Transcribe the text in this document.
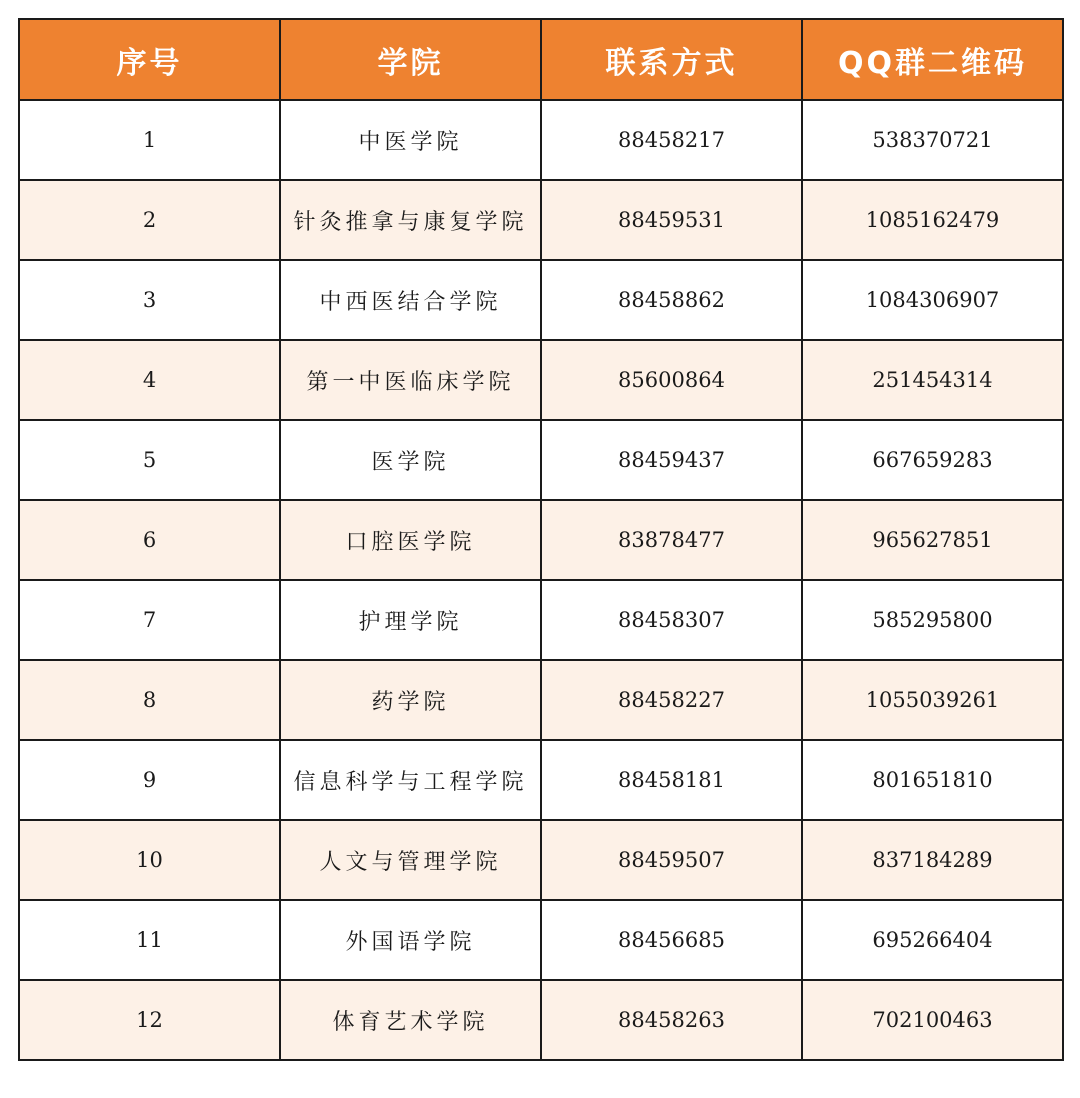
序号	学院	联系方式	QQ群二维码
1	中医学院	88458217	538370721
2	针灸推拿与康复学院	88459531	1085162479
3	中西医结合学院	88458862	1084306907
4	第一中医临床学院	85600864	251454314
5	医学院	88459437	667659283
6	口腔医学院	83878477	965627851
7	护理学院	88458307	585295800
8	药学院	88458227	1055039261
9	信息科学与工程学院	88458181	801651810
10	人文与管理学院	88459507	837184289
11	外国语学院	88456685	695266404
12	体育艺术学院	88458263	702100463
